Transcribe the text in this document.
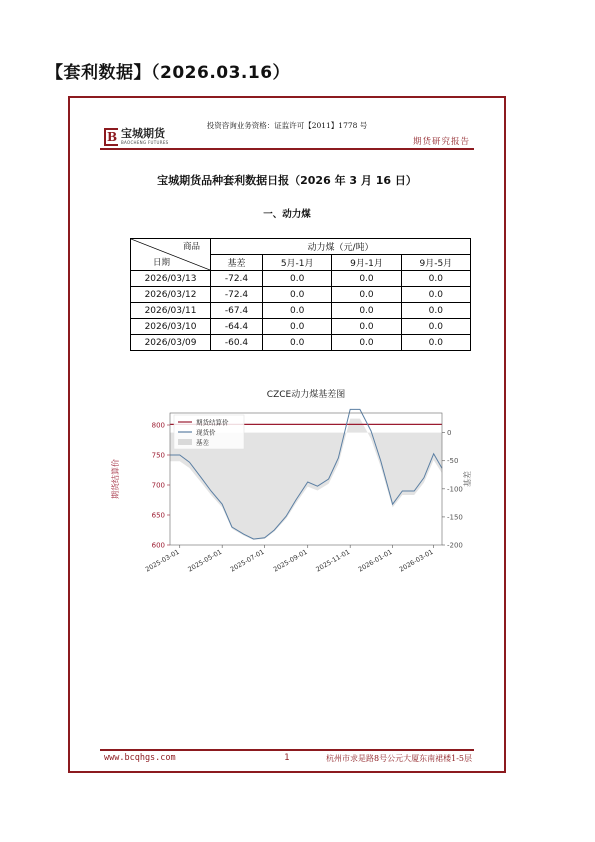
【套利数据】（2026.03.16）
投资咨询业务资格：证监许可【2011】1778 号
B 宝城期货
BAOCHENG FUTURES	期货研究报告
宝城期货品种套利数据日报（2026 年 3 月 16 日）
一、动力煤
商品
日期	动力煤（元/吨）			
	基差	5月-1月	9月-1月	9月-5月
2026/03/13	-72.4	0.0	0.0	0.0
2026/03/12	-72.4	0.0	0.0	0.0
2026/03/11	-67.4	0.0	0.0	0.0
2026/03/10	-64.4	0.0	0.0	0.0
2026/03/09	-60.4	0.0	0.0	0.0
CZCE动力煤基差图
600
650
700
750
800
0
-50
-100
-150
-200
2025-03-01 2025-05-01 2025-07-01 2025-09-01 2025-11-01 2026-01-01 2026-03-01
期货结算价	基差
期货结算价
现货价
基差
www.bcqhgs.com	1	杭州市求是路8号公元大厦东南裙楼1-5层
